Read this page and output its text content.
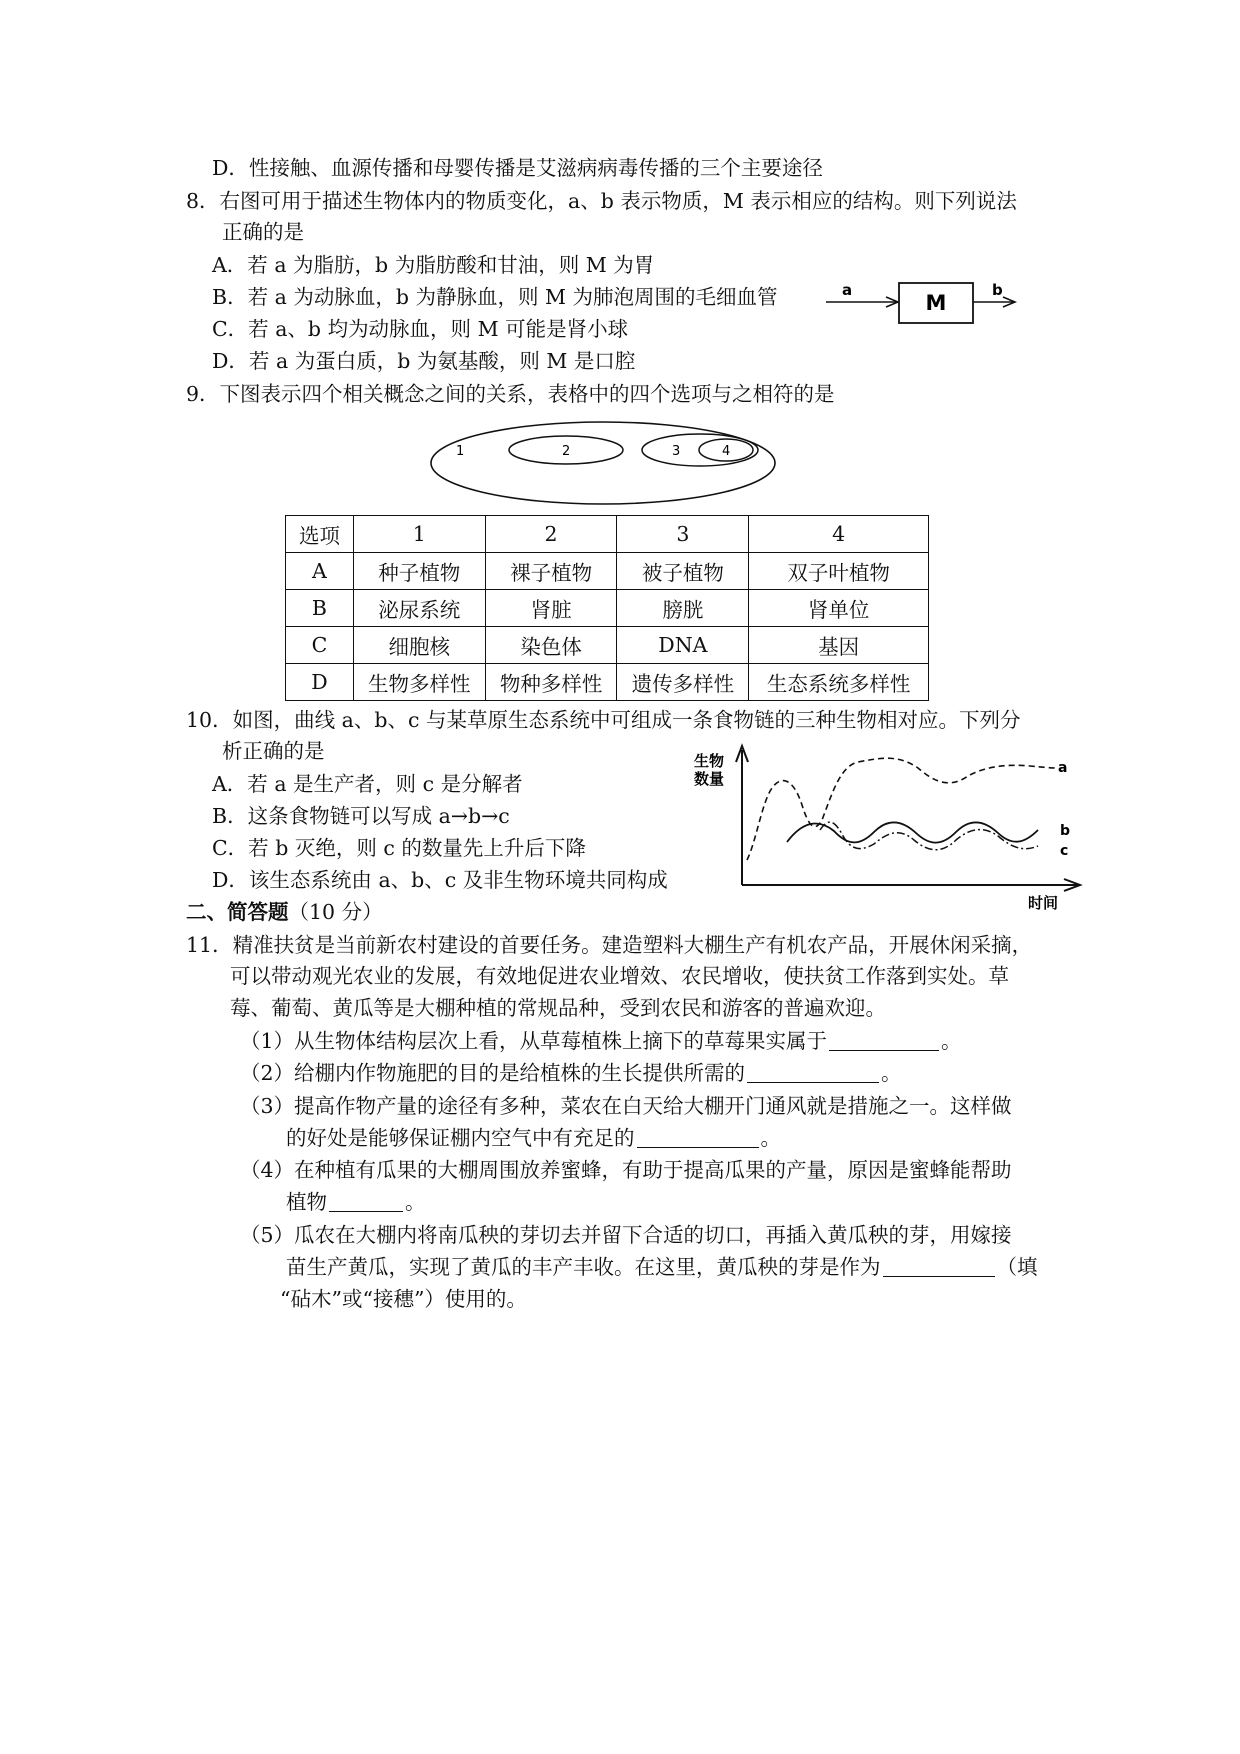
D．性接触、血源传播和母婴传播是艾滋病病毒传播的三个主要途径
8．右图可用于描述生物体内的物质变化，a、b 表示物质，M 表示相应的结构。则下列说法
正确的是
A．若 a 为脂肪，b 为脂肪酸和甘油，则 M 为胃
B．若 a 为动脉血，b 为静脉血，则 M 为肺泡周围的毛细血管
C．若 a、b 均为动脉血，则 M 可能是肾小球
D．若 a 为蛋白质，b 为氨基酸，则 M 是口腔
a
M
b
9．下图表示四个相关概念之间的关系，表格中的四个选项与之相符的是
1	2	3	4
选项	1	2	3	4
A	种子植物	裸子植物	被子植物	双子叶植物
B	泌尿系统	肾脏	膀胱	肾单位
C	细胞核	染色体	DNA	基因
D	生物多样性	物种多样性	遗传多样性	生态系统多样性
10．如图，曲线 a、b、c 与某草原生态系统中可组成一条食物链的三种生物相对应。下列分
析正确的是
A．若 a 是生产者，则 c 是分解者
B．这条食物链可以写成 a→b→c
C．若 b 灭绝，则 c 的数量先上升后下降
D．该生态系统由 a、b、c 及非生物环境共同构成
生物
数量
时间
a
b
c
二、简答题（10 分）
11．精准扶贫是当前新农村建设的首要任务。建造塑料大棚生产有机农产品，开展休闲采摘，
可以带动观光农业的发展，有效地促进农业增效、农民增收，使扶贫工作落到实处。草
莓、葡萄、黄瓜等是大棚种植的常规品种，受到农民和游客的普遍欢迎。
（1）从生物体结构层次上看，从草莓植株上摘下的草莓果实属于	。
（2）给棚内作物施肥的目的是给植株的生长提供所需的	。
（3）提高作物产量的途径有多种，菜农在白天给大棚开门通风就是措施之一。这样做
的好处是能够保证棚内空气中有充足的	。
（4）在种植有瓜果的大棚周围放养蜜蜂，有助于提高瓜果的产量，原因是蜜蜂能帮助
植物	。
（5）瓜农在大棚内将南瓜秧的芽切去并留下合适的切口，再插入黄瓜秧的芽，用嫁接
苗生产黄瓜，实现了黄瓜的丰产丰收。在这里，黄瓜秧的芽是作为	（填
“砧木”或“接穗”）使用的。
